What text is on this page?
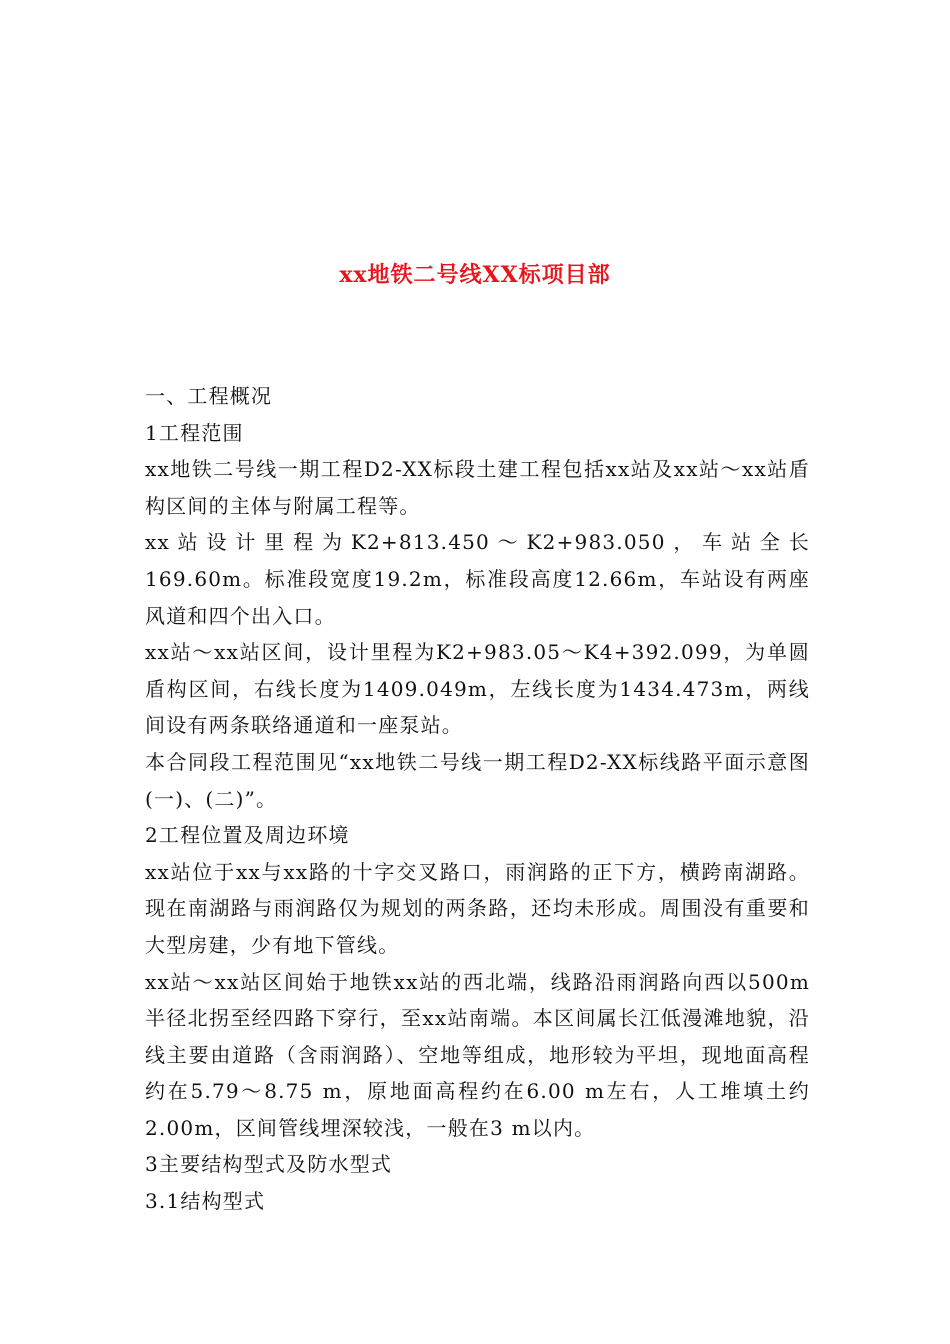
xx地铁二号线XX标项目部

一、工程概况

1工程范围

xx地铁二号线一期工程D2-XX标段土建工程包括xx站及xx站～xx站盾构区间的主体与附属工程等。

xx站设计里程为K2+813.450～K2+983.050，车站全长169.60m。标准段宽度19.2m，标准段高度12.66m，车站设有两座风道和四个出入口。

xx站～xx站区间，设计里程为K2+983.05～K4+392.099，为单圆盾构区间，右线长度为1409.049m，左线长度为1434.473m，两线间设有两条联络通道和一座泵站。

本合同段工程范围见“xx地铁二号线一期工程D2-XX标线路平面示意图(一)、(二)”。

2工程位置及周边环境

xx站位于xx与xx路的十字交叉路口，雨润路的正下方，横跨南湖路。现在南湖路与雨润路仅为规划的两条路，还均未形成。周围没有重要和大型房建，少有地下管线。

xx站～xx站区间始于地铁xx站的西北端，线路沿雨润路向西以500m半径北拐至经四路下穿行，至xx站南端。本区间属长江低漫滩地貌，沿线主要由道路（含雨润路）、空地等组成，地形较为平坦，现地面高程约在5.79～8.75 m，原地面高程约在6.00 m左右，人工堆填土约2.00m，区间管线埋深较浅，一般在3 m以内。

3主要结构型式及防水型式

3.1结构型式
